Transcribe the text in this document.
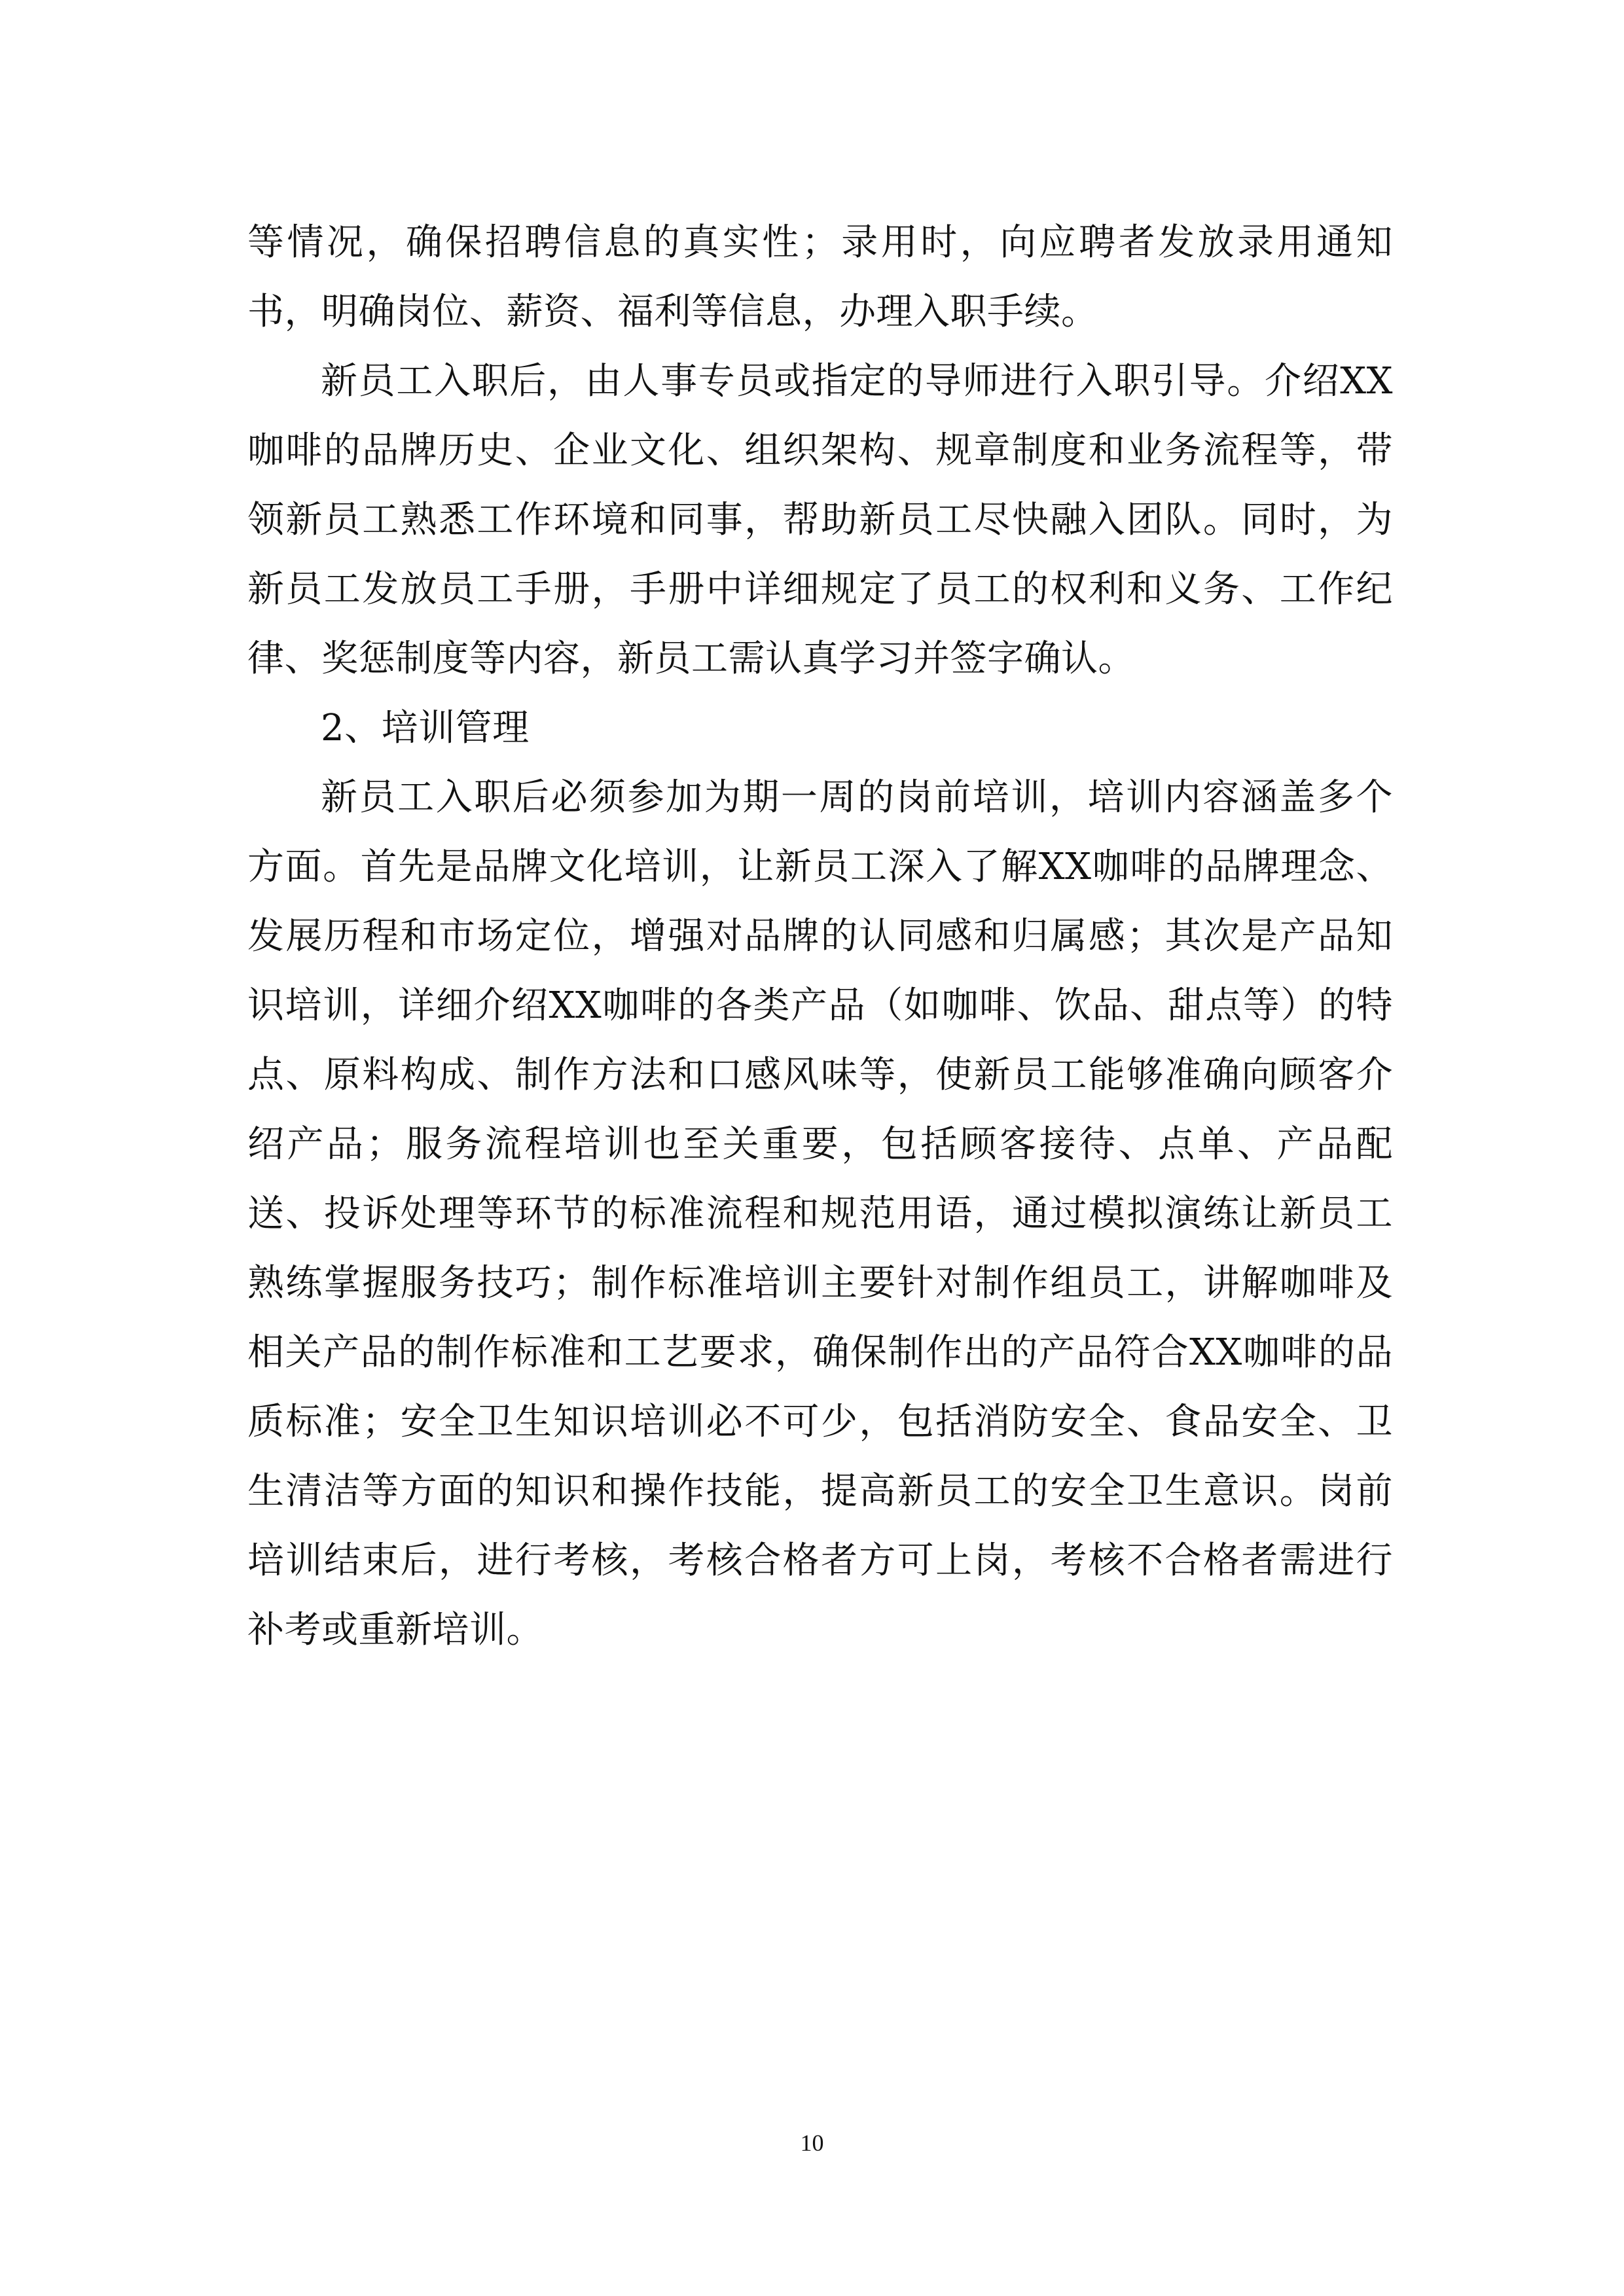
等情况，确保招聘信息的真实性；录用时，向应聘者发放录用通知书，明确岗位、薪资、福利等信息，办理入职手续。

新员工入职后，由人事专员或指定的导师进行入职引导。介绍XX咖啡的品牌历史、企业文化、组织架构、规章制度和业务流程等，带领新员工熟悉工作环境和同事，帮助新员工尽快融入团队。同时，为新员工发放员工手册，手册中详细规定了员工的权利和义务、工作纪律、奖惩制度等内容，新员工需认真学习并签字确认。

2、培训管理

新员工入职后必须参加为期一周的岗前培训，培训内容涵盖多个方面。首先是品牌文化培训，让新员工深入了解XX咖啡的品牌理念、发展历程和市场定位，增强对品牌的认同感和归属感；其次是产品知识培训，详细介绍XX咖啡的各类产品（如咖啡、饮品、甜点等）的特点、原料构成、制作方法和口感风味等，使新员工能够准确向顾客介绍产品；服务流程培训也至关重要，包括顾客接待、点单、产品配送、投诉处理等环节的标准流程和规范用语，通过模拟演练让新员工熟练掌握服务技巧；制作标准培训主要针对制作组员工，讲解咖啡及相关产品的制作标准和工艺要求，确保制作出的产品符合XX咖啡的品质标准；安全卫生知识培训必不可少，包括消防安全、食品安全、卫生清洁等方面的知识和操作技能，提高新员工的安全卫生意识。岗前培训结束后，进行考核，考核合格者方可上岗，考核不合格者需进行补考或重新培训。

10
